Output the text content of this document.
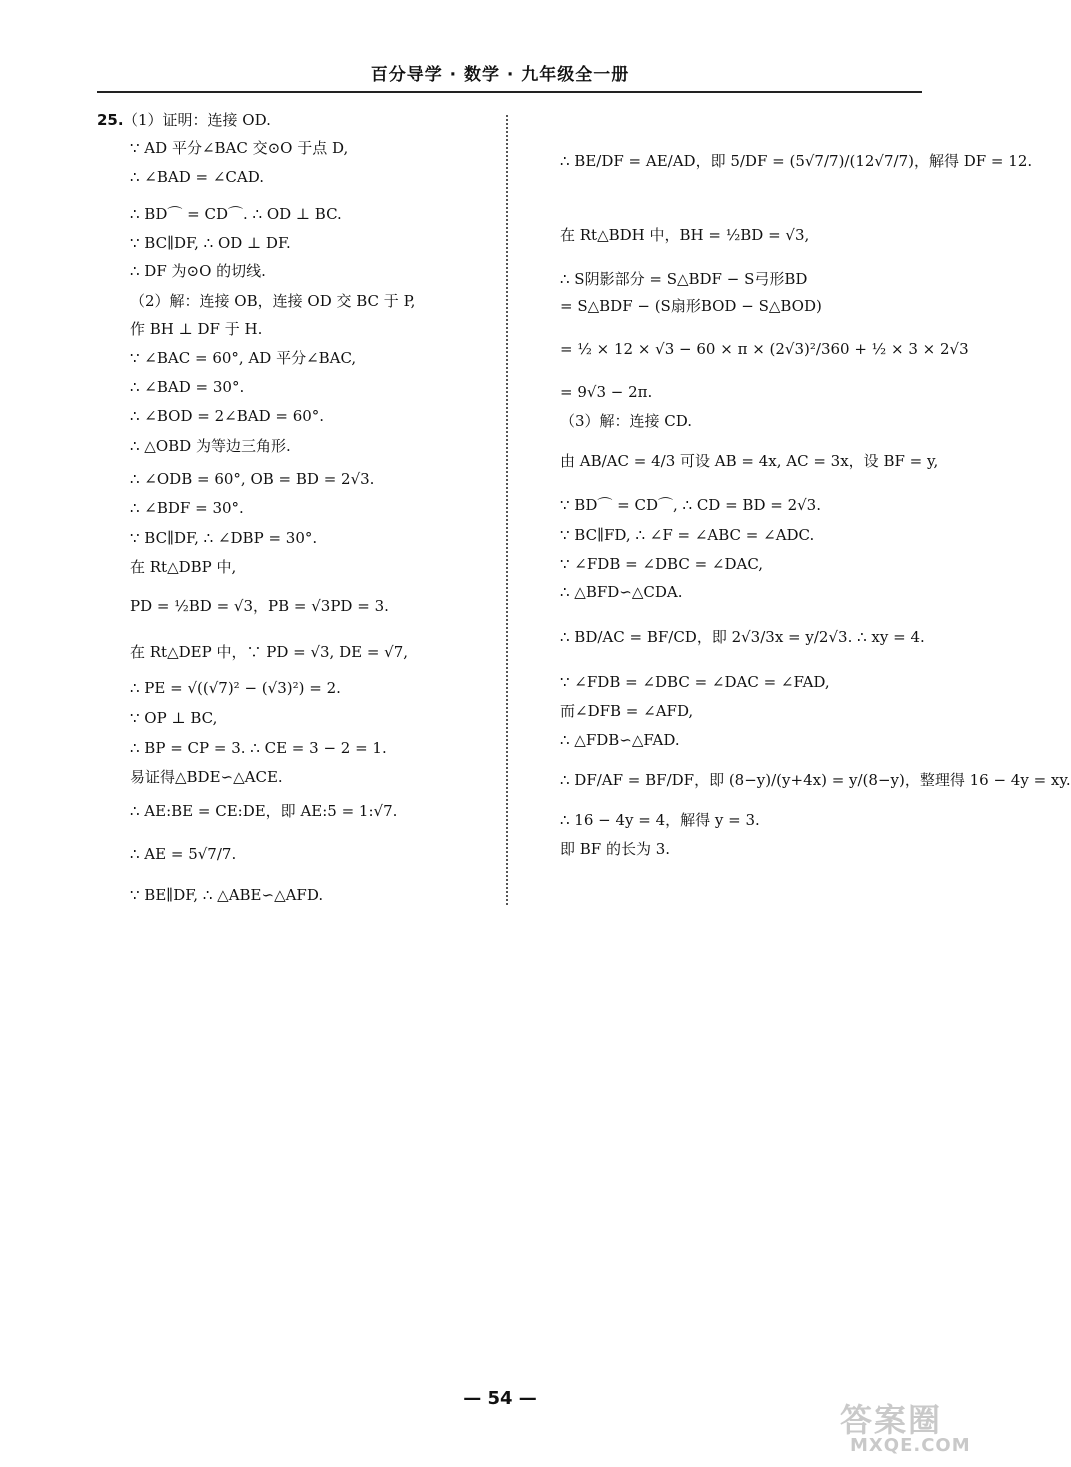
百分导学 · 数学 · 九年级全一册
25. （1）证明：连接 OD.
∵ AD 平分∠BAC 交⊙O 于点 D,
∴ ∠BAD = ∠CAD.
∴ BD⌒ = CD⌒. ∴ OD ⊥ BC.
∵ BC∥DF, ∴ OD ⊥ DF.
∴ DF 为⊙O 的切线.
（2）解：连接 OB，连接 OD 交 BC 于 P,
作 BH ⊥ DF 于 H.
∵ ∠BAC = 60°, AD 平分∠BAC,
∴ ∠BAD = 30°.
∴ ∠BOD = 2∠BAD = 60°.
∴ △OBD 为等边三角形.
∴ ∠ODB = 60°, OB = BD = 2√3.
∴ ∠BDF = 30°.
∵ BC∥DF, ∴ ∠DBP = 30°.
在 Rt△DBP 中,
PD = ½BD = √3，PB = √3PD = 3.
在 Rt△DEP 中，∵ PD = √3, DE = √7,
∴ PE = √((√7)² − (√3)²) = 2.
∵ OP ⊥ BC,
∴ BP = CP = 3. ∴ CE = 3 − 2 = 1.
易证得△BDE∽△ACE.
∴ AE:BE = CE:DE，即 AE:5 = 1:√7.
∴ AE = 5√7/7.
∵ BE∥DF, ∴ △ABE∽△AFD.
∴ BE/DF = AE/AD，即 5/DF = (5√7/7)/(12√7/7)，解得 DF = 12.
在 Rt△BDH 中，BH = ½BD = √3,
∴ S阴影部分 = S△BDF − S弓形BD
= S△BDF − (S扇形BOD − S△BOD)
= ½ × 12 × √3 − 60 × π × (2√3)²/360 + ½ × 3 × 2√3
= 9√3 − 2π.
（3）解：连接 CD.
由 AB/AC = 4/3 可设 AB = 4x, AC = 3x，设 BF = y,
∵ BD⌒ = CD⌒, ∴ CD = BD = 2√3.
∵ BC∥FD, ∴ ∠F = ∠ABC = ∠ADC.
∵ ∠FDB = ∠DBC = ∠DAC,
∴ △BFD∽△CDA.
∴ BD/AC = BF/CD，即 2√3/3x = y/2√3. ∴ xy = 4.
∵ ∠FDB = ∠DBC = ∠DAC = ∠FAD,
而∠DFB = ∠AFD,
∴ △FDB∽△FAD.
∴ DF/AF = BF/DF，即 (8−y)/(y+4x) = y/(8−y)，整理得 16 − 4y = xy.
∴ 16 − 4y = 4，解得 y = 3.
即 BF 的长为 3.
— 54 —
答案圈
MXQE.COM
